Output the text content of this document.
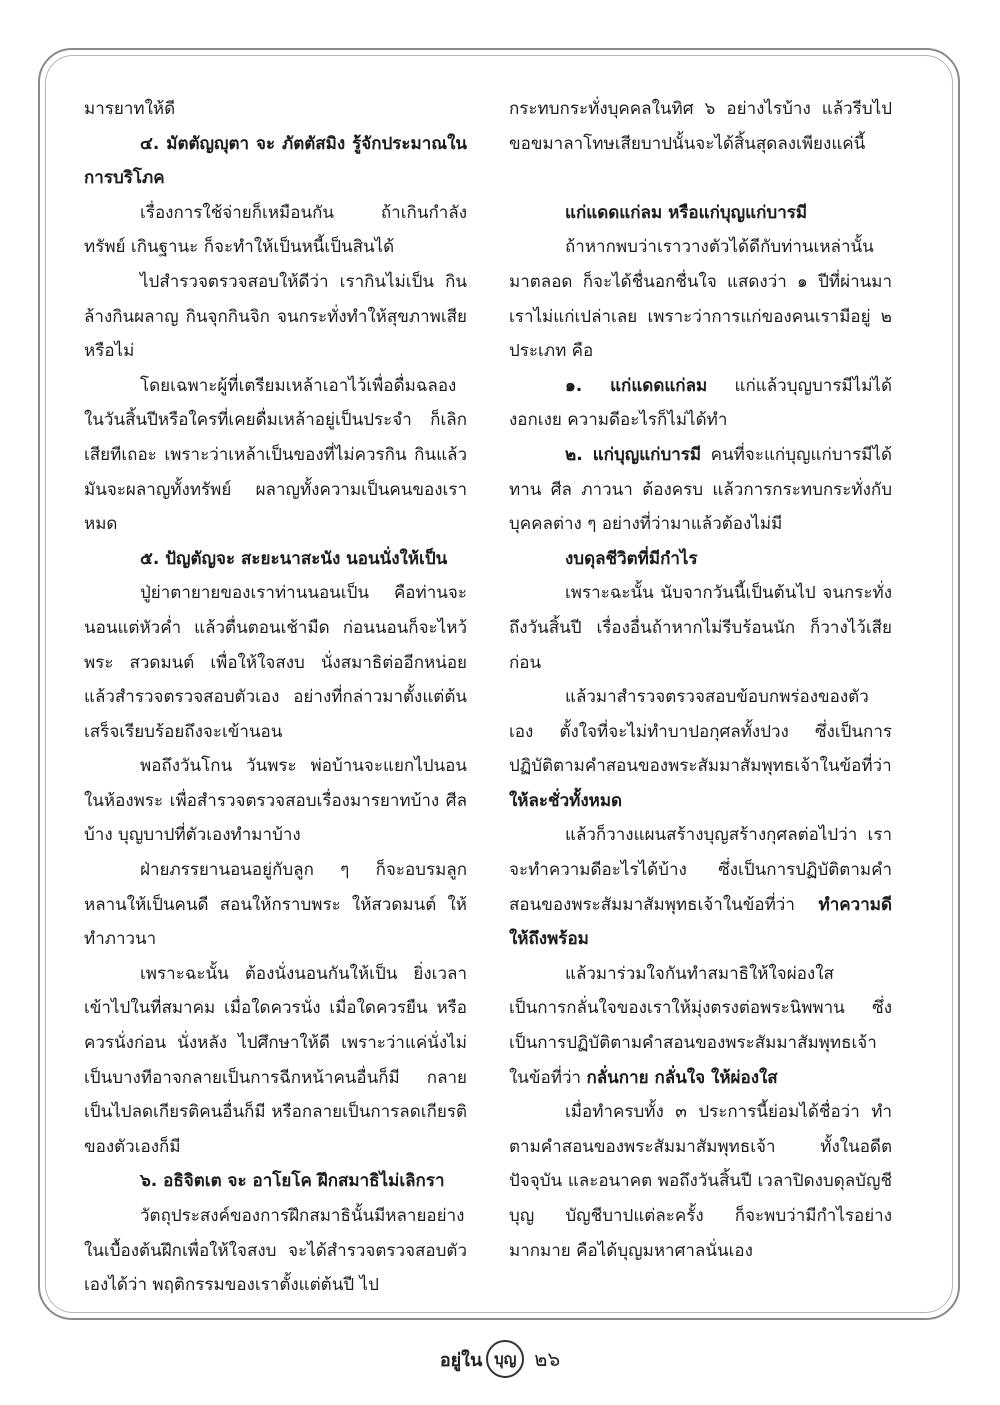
มารยาทให้ดี

๔. มัตตัญญุตา จะ ภัตตัสมิง รู้จักประมาณในการบริโภค

เรื่องการใช้จ่ายก็เหมือนกัน ถ้าเกินกำลังทรัพย์ เกินฐานะ ก็จะทำให้เป็นหนี้เป็นสินได้

ไปสำรวจตรวจสอบให้ดีว่า เรากินไม่เป็น กินล้างกินผลาญ กินจุกกินจิก จนกระทั่งทำให้สุขภาพเสียหรือไม่

โดยเฉพาะผู้ที่เตรียมเหล้าเอาไว้เพื่อดื่มฉลองในวันสิ้นปีหรือใครที่เคยดื่มเหล้าอยู่เป็นประจำ ก็เลิกเสียทีเถอะ เพราะว่าเหล้าเป็นของที่ไม่ควรกิน กินแล้วมันจะผลาญทั้งทรัพย์ ผลาญทั้งความเป็นคนของเราหมด

๕. ปัญตัญจะ สะยะนาสะนัง นอนนั่งให้เป็น

ปู่ย่าตายายของเราท่านนอนเป็น คือท่านจะนอนแต่หัวค่ำ แล้วตื่นตอนเช้ามืด ก่อนนอนก็จะไหว้พระ สวดมนต์ เพื่อให้ใจสงบ นั่งสมาธิต่ออีกหน่อย แล้วสำรวจตรวจสอบตัวเอง อย่างที่กล่าวมาตั้งแต่ต้น เสร็จเรียบร้อยถึงจะเข้านอน

พอถึงวันโกน วันพระ พ่อบ้านจะแยกไปนอนในห้องพระ เพื่อสำรวจตรวจสอบเรื่องมารยาทบ้าง ศีลบ้าง บุญบาปที่ตัวเองทำมาบ้าง

ฝ่ายภรรยานอนอยู่กับลูก ๆ ก็จะอบรมลูกหลานให้เป็นคนดี สอนให้กราบพระ ให้สวดมนต์ ให้ทำภาวนา

เพราะฉะนั้น ต้องนั่งนอนกันให้เป็น ยิ่งเวลาเข้าไปในที่สมาคม เมื่อใดควรนั่ง เมื่อใดควรยืน หรือควรนั่งก่อน นั่งหลัง ไปศึกษาให้ดี เพราะว่าแค่นั่งไม่เป็นบางทีอาจกลายเป็นการฉีกหน้าคนอื่นก็มี กลายเป็นไปลดเกียรติคนอื่นก็มี หรือกลายเป็นการลดเกียรติของตัวเองก็มี

๖. อธิจิตเต จะ อาโยโค ฝึกสมาธิไม่เลิกรา

วัตถุประสงค์ของการฝึกสมาธินั้นมีหลายอย่าง ในเบื้องต้นฝึกเพื่อให้ใจสงบ จะได้สำรวจตรวจสอบตัวเองได้ว่า พฤติกรรมของเราตั้งแต่ต้นปี ไป

กระทบกระทั่งบุคคลในทิศ ๖ อย่างไรบ้าง แล้วรีบไปขอขมาลาโทษเสียบาปนั้นจะได้สิ้นสุดลงเพียงแค่นี้

แก่แดดแก่ลม หรือแก่บุญแก่บารมี

ถ้าหากพบว่าเราวางตัวได้ดีกับท่านเหล่านั้นมาตลอด ก็จะได้ชื่นอกชื่นใจ แสดงว่า ๑ ปีที่ผ่านมาเราไม่แก่เปล่าเลย เพราะว่าการแก่ของคนเรามีอยู่ ๒ ประเภท คือ

๑. แก่แดดแก่ลม แก่แล้วบุญบารมีไม่ได้งอกเงย ความดีอะไรก็ไม่ได้ทำ

๒. แก่บุญแก่บารมี คนที่จะแก่บุญแก่บารมีได้ ทาน ศีล ภาวนา ต้องครบ แล้วการกระทบกระทั่งกับบุคคลต่าง ๆ อย่างที่ว่ามาแล้วต้องไม่มี

งบดุลชีวิตที่มีกำไร

เพราะฉะนั้น นับจากวันนี้เป็นต้นไป จนกระทั่งถึงวันสิ้นปี เรื่องอื่นถ้าหากไม่รีบร้อนนัก ก็วางไว้เสียก่อน

แล้วมาสำรวจตรวจสอบข้อบกพร่องของตัวเอง ตั้งใจที่จะไม่ทำบาปอกุศลทั้งปวง ซึ่งเป็นการปฏิบัติตามคำสอนของพระสัมมาสัมพุทธเจ้าในข้อที่ว่า ให้ละชั่วทั้งหมด

แล้วก็วางแผนสร้างบุญสร้างกุศลต่อไปว่า เราจะทำความดีอะไรได้บ้าง ซึ่งเป็นการปฏิบัติตามคำสอนของพระสัมมาสัมพุทธเจ้าในข้อที่ว่า ทำความดีให้ถึงพร้อม

แล้วมาร่วมใจกันทำสมาธิให้ใจผ่องใส เป็นการกลั่นใจของเราให้มุ่งตรงต่อพระนิพพาน ซึ่งเป็นการปฏิบัติตามคำสอนของพระสัมมาสัมพุทธเจ้าในข้อที่ว่า กลั่นกาย กลั่นใจ ให้ผ่องใส

เมื่อทำครบทั้ง ๓ ประการนี้ย่อมได้ชื่อว่า ทำตามคำสอนของพระสัมมาสัมพุทธเจ้า ทั้งในอดีต ปัจจุบัน และอนาคต พอถึงวันสิ้นปี เวลาปิดงบดุลบัญชีบุญ บัญชีบาปแต่ละครั้ง ก็จะพบว่ามีกำไรอย่างมากมาย คือได้บุญมหาศาลนั่นเอง

อยู่ใน บุญ ๒๖
